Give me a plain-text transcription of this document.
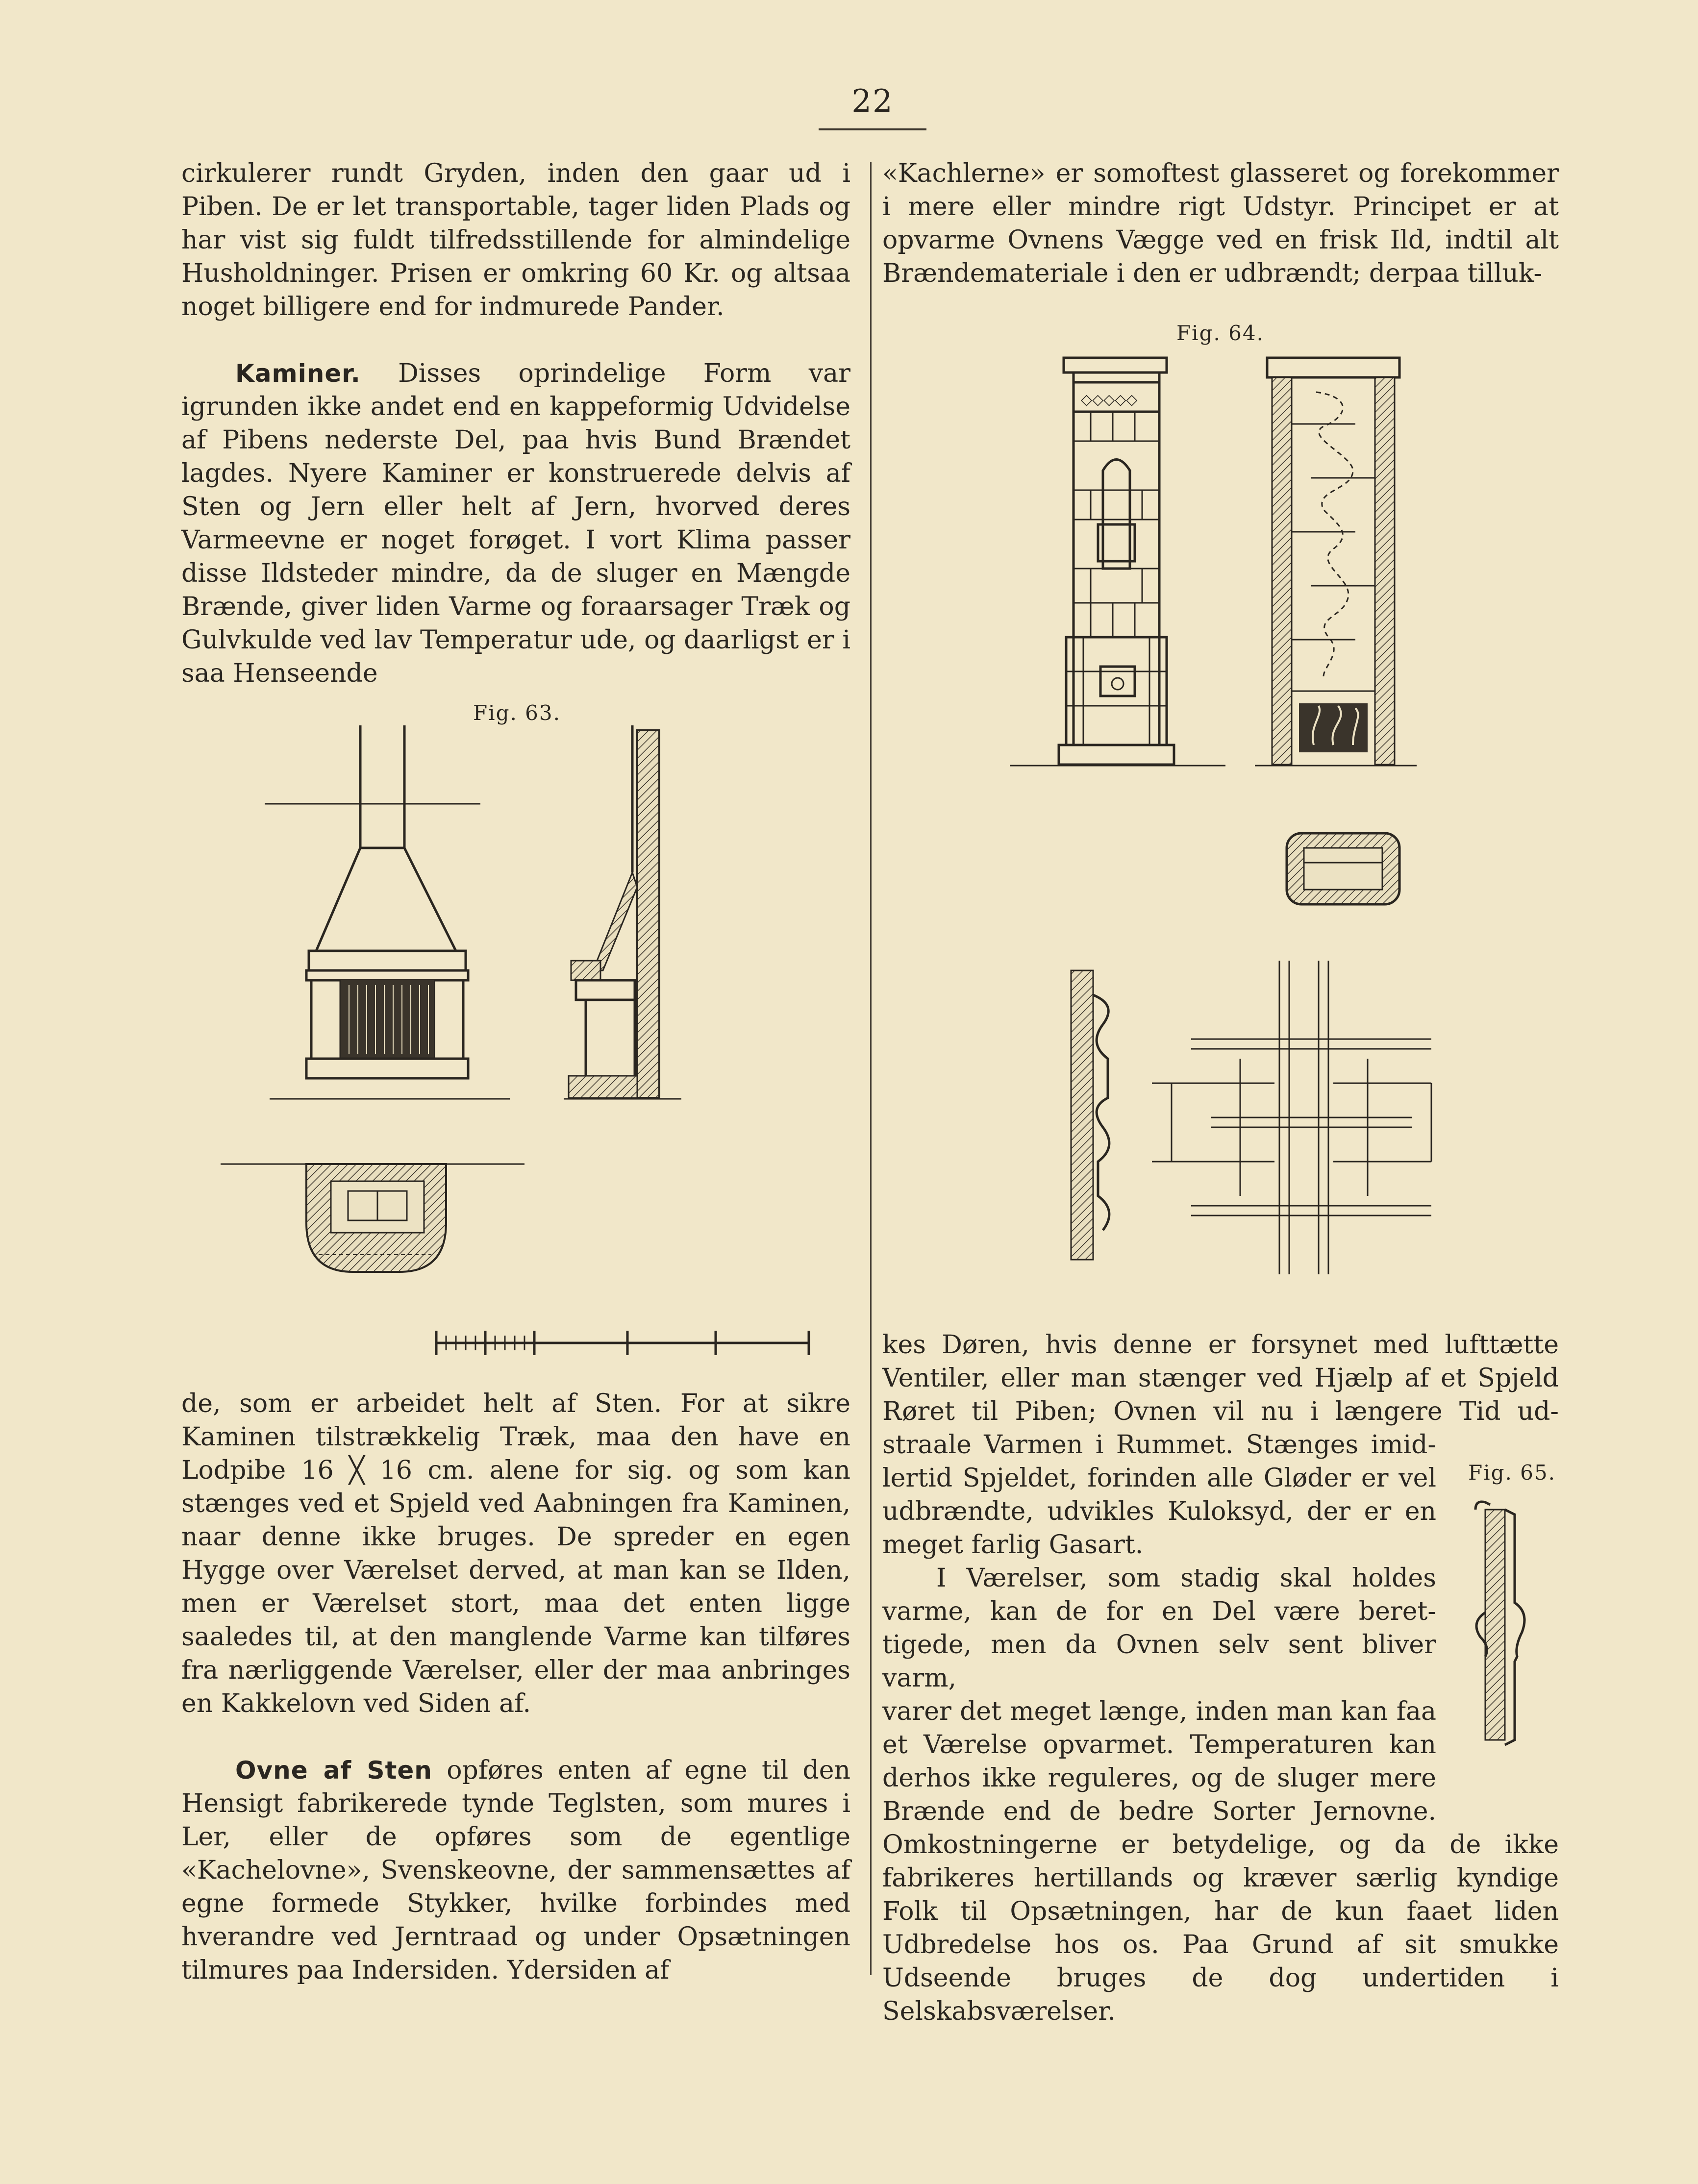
22

cirkulerer rundt Gryden, inden den gaar ud i Piben. De er let transportable, tager liden Plads og har vist sig fuldt tilfredsstillende for almindelige Husholdninger. Prisen er omkring 60 Kr. og altsaa noget billigere end for indmurede Pander.

Kaminer. Disses oprindelige Form var igrunden ikke andet end en kappeformig Udvidelse af Pibens nederste Del, paa hvis Bund Brændet lagdes. Nyere Kaminer er konstruerede delvis af Sten og Jern eller helt af Jern, hvorved deres Varmeevne er noget forøget. I vort Klima passer disse Ildsteder mindre, da de sluger en Mængde Brænde, giver liden Varme og foraarsager Træk og Gulvkulde ved lav Temperatur ude, og daarligst er i saa Henseende

Fig. 63.

de, som er arbeidet helt af Sten. For at sikre Kaminen tilstrækkelig Træk, maa den have en Lodpibe 16 ╳ 16 cm. alene for sig. og som kan stænges ved et Spjeld ved Aabningen fra Kaminen, naar denne ikke bruges. De spreder en egen Hygge over Værelset derved, at man kan se Ilden, men er Værelset stort, maa det enten ligge saaledes til, at den manglende Varme kan tilføres fra nærliggende Værelser, eller der maa anbringes en Kakkelovn ved Siden af.

Ovne af Sten opføres enten af egne til den Hensigt fabrikerede tynde Teglsten, som mures i Ler, eller de opføres som de egentlige «Kachelovne», Svenskeovne, der sammensættes af egne formede Stykker, hvilke forbindes med hverandre ved Jerntraad og under Opsætningen tilmures paa Indersiden. Ydersiden af

«Kachlerne» er somoftest glasseret og forekommer i mere eller mindre rigt Udstyr. Principet er at opvarme Ovnens Vægge ved en frisk Ild, indtil alt Brændemateriale i den er udbrændt; derpaa tilluk-

Fig. 64.
◇◇◇◇◇
kes Døren, hvis denne er forsynet med lufttætte
Ventiler, eller man stænger ved Hjælp af et Spjeld
Røret til Piben; Ovnen vil nu i længere Tid ud-
straale Varmen i Rummet. Stænges imid-
lertid Spjeldet, forinden alle Gløder er vel
udbrændte, udvikles Kuloksyd, der er en
meget farlig Gasart.
I Værelser, som stadig skal holdes
varme, kan de for en Del være beret-
tigede, men da Ovnen selv sent bliver varm,
varer det meget længe, inden man kan faa
et Værelse opvarmet. Temperaturen kan
derhos ikke reguleres, og de sluger mere
Brænde end de bedre Sorter Jernovne.

Omkostningerne er betydelige, og da de ikke fabrikeres hertillands og kræver særlig kyndige Folk til Opsætningen, har de kun faaet liden Udbredelse hos os. Paa Grund af sit smukke Udseende bruges de dog undertiden i Selskabsværelser.

Fig. 65.
